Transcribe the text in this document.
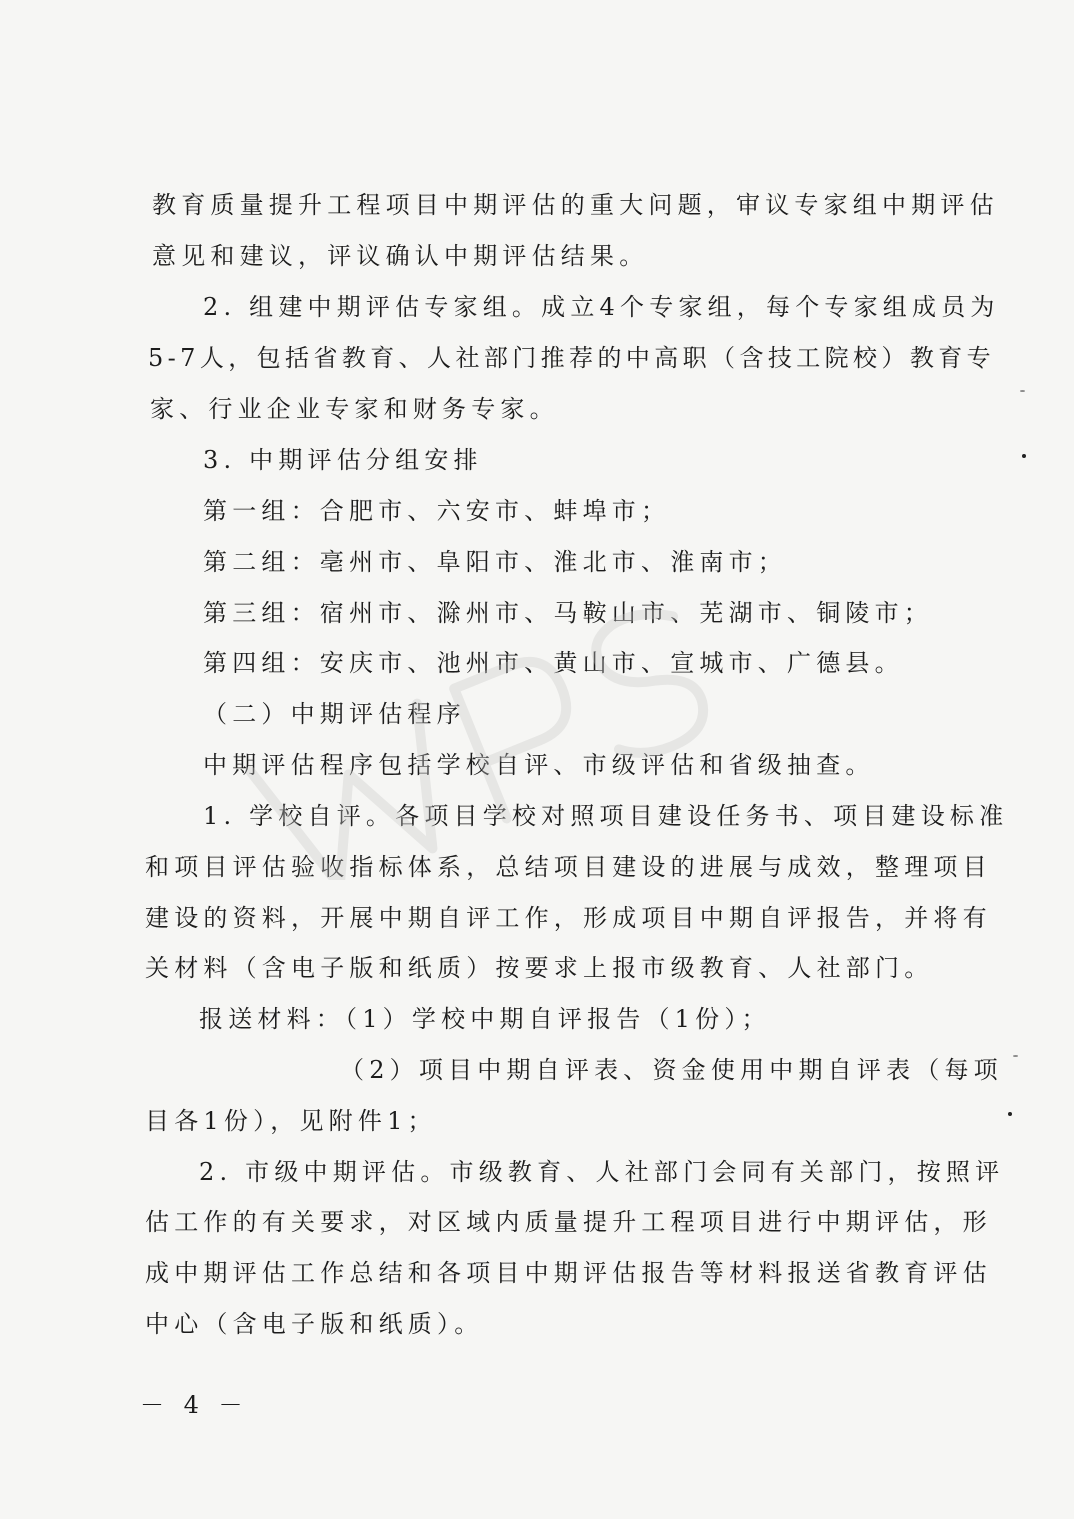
教育质量提升工程项目中期评估的重大问题，审议专家组中期评估
意见和建议，评议确认中期评估结果。
2. 组建中期评估专家组。成立4个专家组，每个专家组成员为
5-7人，包括省教育、人社部门推荐的中高职（含技工院校）教育专
家、行业企业专家和财务专家。
3. 中期评估分组安排
第一组：合肥市、六安市、蚌埠市；
第二组：亳州市、阜阳市、淮北市、淮南市；
第三组：宿州市、滁州市、马鞍山市、芜湖市、铜陵市；
第四组：安庆市、池州市、黄山市、宣城市、广德县。
（二）中期评估程序
中期评估程序包括学校自评、市级评估和省级抽查。
1. 学校自评。各项目学校对照项目建设任务书、项目建设标准
和项目评估验收指标体系，总结项目建设的进展与成效，整理项目
建设的资料，开展中期自评工作，形成项目中期自评报告，并将有
关材料（含电子版和纸质）按要求上报市级教育、人社部门。
报送材料：（1）学校中期自评报告（1份）；
（2）项目中期自评表、资金使用中期自评表（每项
目各1份），见附件1；
2. 市级中期评估。市级教育、人社部门会同有关部门，按照评
估工作的有关要求，对区域内质量提升工程项目进行中期评估，形
成中期评估工作总结和各项目中期评估报告等材料报送省教育评估
中心（含电子版和纸质）。
－ 4 －
